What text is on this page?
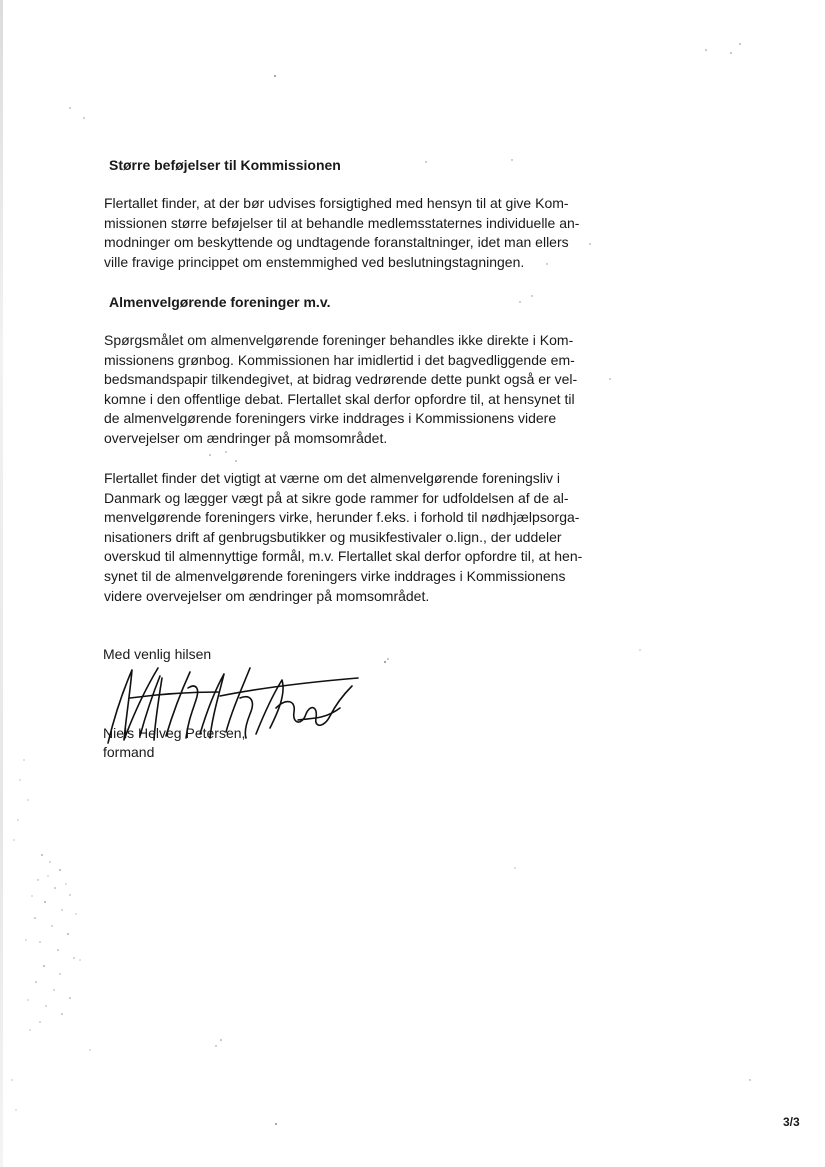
Større beføjelser til Kommissionen

Flertallet finder, at der bør udvises forsigtighed med hensyn til at give Kom-
missionen større beføjelser til at behandle medlemsstaternes individuelle an-
modninger om beskyttende og undtagende foranstaltninger, idet man ellers
ville fravige princippet om enstemmighed ved beslutningstagningen.

Almenvelgørende foreninger m.v.

Spørgsmålet om almenvelgørende foreninger behandles ikke direkte i Kom-
missionens grønbog. Kommissionen har imidlertid i det bagvedliggende em-
bedsmandspapir tilkendegivet, at bidrag vedrørende dette punkt også er vel-
komne i den offentlige debat. Flertallet skal derfor opfordre til, at hensynet til
de almenvelgørende foreningers virke inddrages i Kommissionens videre
overvejelser om ændringer på momsområdet.

Flertallet finder det vigtigt at værne om det almenvelgørende foreningsliv i
Danmark og lægger vægt på at sikre gode rammer for udfoldelsen af de al-
menvelgørende foreningers virke, herunder f.eks. i forhold til nødhjælpsorga-
nisationers drift af genbrugsbutikker og musikfestivaler o.lign., der uddeler
overskud til almennyttige formål, m.v. Flertallet skal derfor opfordre til, at hen-
synet til de almenvelgørende foreningers virke inddrages i Kommissionens
videre overvejelser om ændringer på momsområdet.

Med venlig hilsen

Niels Helveg Petersen,

formand

3/3
